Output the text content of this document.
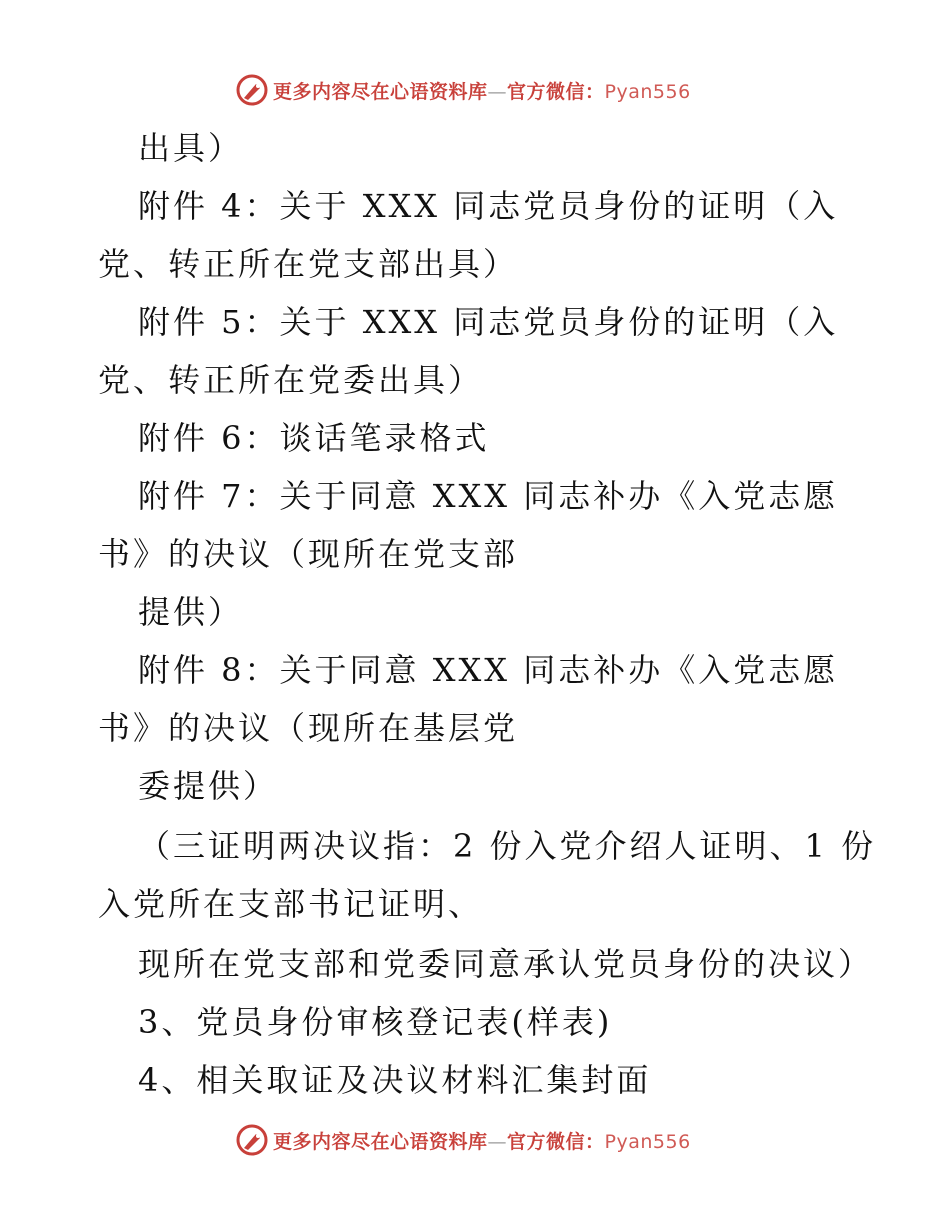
更多内容尽在心语资料库—官方微信：Pyan556
出具）
附件 4：关于 XXX 同志党员身份的证明（入
党、转正所在党支部出具）
附件 5：关于 XXX 同志党员身份的证明（入
党、转正所在党委出具）
附件 6：谈话笔录格式
附件 7：关于同意 XXX 同志补办《入党志愿
书》的决议（现所在党支部
提供）
附件 8：关于同意 XXX 同志补办《入党志愿
书》的决议（现所在基层党
委提供）
（三证明两决议指：2 份入党介绍人证明、1 份
入党所在支部书记证明、
现所在党支部和党委同意承认党员身份的决议）
3、党员身份审核登记表(样表)
4、相关取证及决议材料汇集封面
更多内容尽在心语资料库—官方微信：Pyan556
